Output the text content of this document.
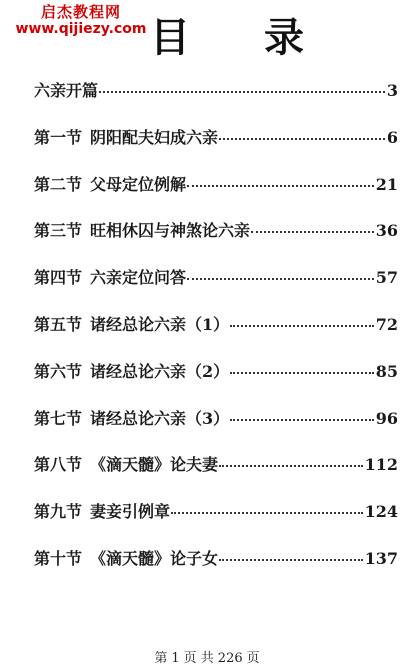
启杰教程网
www.qijiezy.com 目 录
六亲开篇	3
第一节 阴阳配夫妇成六亲	6
第二节 父母定位例解	21
第三节 旺相休囚与神煞论六亲	36
第四节 六亲定位问答	57
第五节 诸经总论六亲（1）	72
第六节 诸经总论六亲（2）	85
第七节 诸经总论六亲（3）	96
第八节 《滴天髓》论夫妻	112
第九节 妻妾引例章	124
第十节 《滴天髓》论子女	137
第 1 页 共 226 页
